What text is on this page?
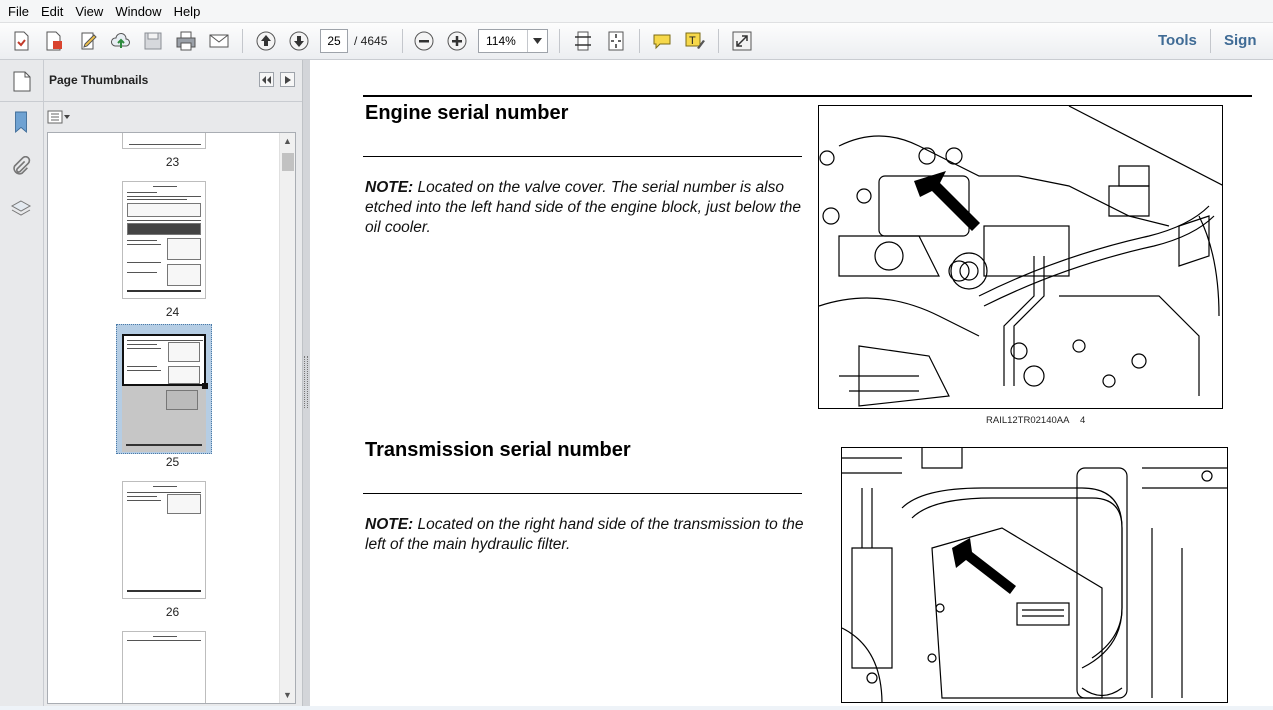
File Edit View Window Help
25	/ 4645	114%	T	Tools Sign
Page Thumbnails
23
24
25
26
▲
▼
Engine serial number
NOTE: Located on the valve cover. The serial number is also etched into the left hand side of the engine block, just below the oil cooler.
RAIL12TR02140AA 4
Transmission serial number
NOTE: Located on the right hand side of the transmission to the left of the main hydraulic filter.
